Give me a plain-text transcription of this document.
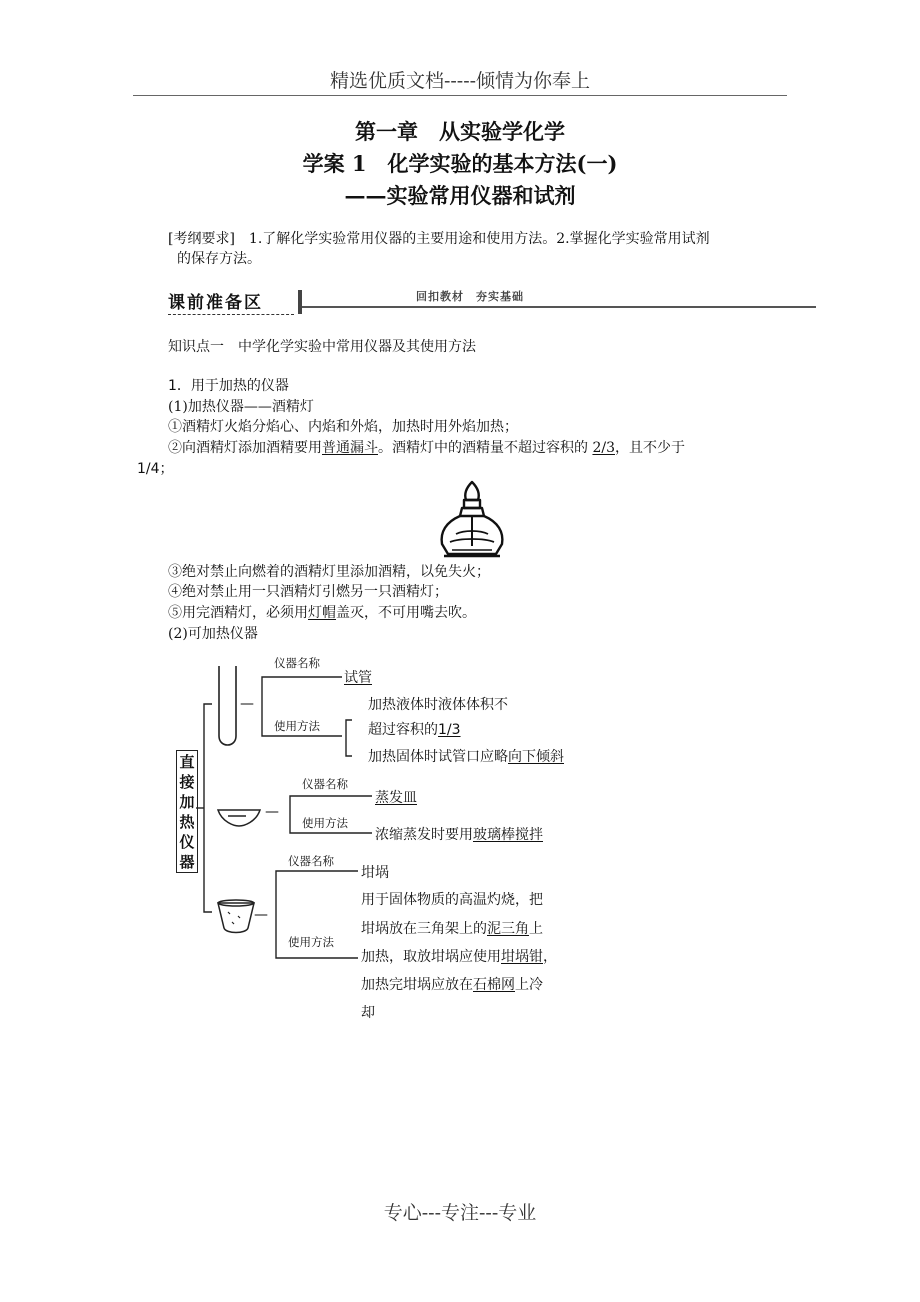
精选优质文档-----倾情为你奉上
第一章　从实验学化学
学案 1　化学实验的基本方法(一)
——实验常用仪器和试剂
[考纲要求]　1.了解化学实验常用仪器的主要用途和使用方法。2.掌握化学实验常用试剂
的保存方法。
课前准备区	回扣教材　夯实基础
知识点一　中学化学实验中常用仪器及其使用方法
1．用于加热的仪器
(1)加热仪器——酒精灯
①酒精灯火焰分焰心、内焰和外焰，加热时用外焰加热；
②向酒精灯添加酒精要用普通漏斗。酒精灯中的酒精量不超过容积的 2/3，且不少于
1/4；
③绝对禁止向燃着的酒精灯里添加酒精，以免失火；
④绝对禁止用一只酒精灯引燃另一只酒精灯；
⑤用完酒精灯，必须用灯帽盖灭，不可用嘴去吹。
(2)可加热仪器
直接加热仪器
—
—
—
仪器名称
试管
使用方法
加热液体时液体体积不
超过容积的1/3
加热固体时试管口应略向下倾斜
仪器名称
蒸发皿
使用方法
浓缩蒸发时要用玻璃棒搅拌
仪器名称
坩埚
使用方法
用于固体物质的高温灼烧，把
坩埚放在三角架上的泥三角上
加热，取放坩埚应使用坩埚钳，
加热完坩埚应放在石棉网上冷
却
专心---专注---专业
